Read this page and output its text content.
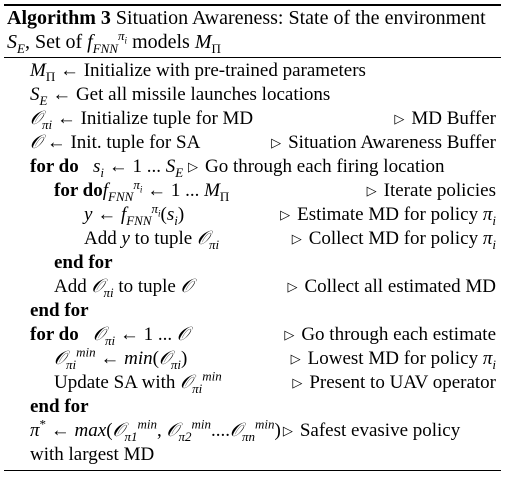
Algorithm 3 Situation Awareness: State of the environment
$S_E$, Set of $f_{FNN}^{\pi_i}$ models $M_\Pi$
$M_\Pi$ ← Initialize with pre-trained parameters
$S_E$ ← Get all missile launches locations
𝒪$_{\pi i}$ ← Initialize tuple for MD	▷ MD Buffer
𝒪 ← Init. tuple for SA	▷ Situation Awareness Buffer
for do $s_i$ ← 1 ... $S_E$ ▷ Go through each firing location
for dof$_{FNN}^{\pi_i}$ ← 1 ... $M_\Pi$	▷ Iterate policies
y ← $f_{FNN}^{\pi_i}(s_i)$	▷ Estimate MD for policy $\pi_i$
Add y to tuple 𝒪$_{\pi i}$	▷ Collect MD for policy $\pi_i$
end for
Add 𝒪$_{\pi i}$ to tuple 𝒪	▷ Collect all estimated MD
end for
for do 𝒪$_{\pi i}$ ← 1 ... 𝒪	▷ Go through each estimate
𝒪$_{\pi i}^{min}$ ← min(𝒪$_{\pi i}$)	▷ Lowest MD for policy $\pi_i$
Update SA with 𝒪$_{\pi i}^{min}$	▷ Present to UAV operator
end for
π* ← max(𝒪$_{\pi 1}^{min}$, 𝒪$_{\pi 2}^{min}$....𝒪$_{\pi n}^{min}$) ▷ Safest evasive policy
with largest MD
